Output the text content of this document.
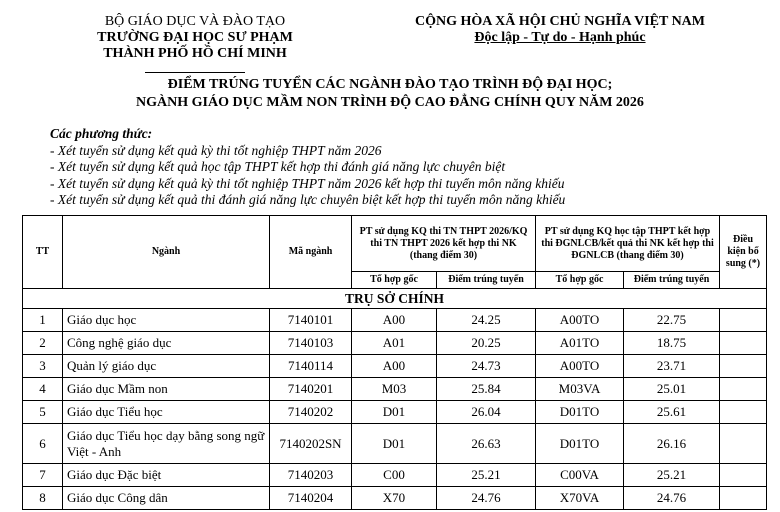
BỘ GIÁO DỤC VÀ ĐÀO TẠO
TRƯỜNG ĐẠI HỌC SƯ PHẠM
THÀNH PHỐ HỒ CHÍ MINH
CỘNG HÒA XÃ HỘI CHỦ NGHĨA VIỆT NAM
Độc lập - Tự do - Hạnh phúc
ĐIỂM TRÚNG TUYỂN CÁC NGÀNH ĐÀO TẠO TRÌNH ĐỘ ĐẠI HỌC;
NGÀNH GIÁO DỤC MẦM NON TRÌNH ĐỘ CAO ĐẲNG CHÍNH QUY NĂM 2026
Các phương thức:
- Xét tuyển sử dụng kết quả kỳ thi tốt nghiệp THPT năm 2026
- Xét tuyển sử dụng kết quả học tập THPT kết hợp thi đánh giá năng lực chuyên biệt
- Xét tuyển sử dụng kết quả kỳ thi tốt nghiệp THPT năm 2026 kết hợp thi tuyển môn năng khiếu
- Xét tuyển sử dụng kết quả thi đánh giá năng lực chuyên biệt kết hợp thi tuyển môn năng khiếu
TT	Ngành	Mã ngành	PT sử dụng KQ thi TN THPT 2026/KQ thi TN THPT 2026 kết hợp thi NK (thang điểm 30)		PT sử dụng KQ học tập THPT kết hợp thi ĐGNLCB/kết quả thi NK kết hợp thi ĐGNLCB (thang điểm 30)		Điều kiện bổ sung (*)
			Tổ hợp gốc	Điểm trúng tuyển	Tổ hợp gốc	Điểm trúng tuyển	
TRỤ SỞ CHÍNH							
1	Giáo dục học	7140101	A00	24.25	A00TO	22.75	
2	Công nghệ giáo dục	7140103	A01	20.25	A01TO	18.75	
3	Quản lý giáo dục	7140114	A00	24.73	A00TO	23.71	
4	Giáo dục Mầm non	7140201	M03	25.84	M03VA	25.01	
5	Giáo dục Tiểu học	7140202	D01	26.04	D01TO	25.61	
6	Giáo dục Tiểu học dạy bằng song ngữ Việt - Anh	7140202SN	D01	26.63	D01TO	26.16	
7	Giáo dục Đặc biệt	7140203	C00	25.21	C00VA	25.21	
8	Giáo dục Công dân	7140204	X70	24.76	X70VA	24.76	
